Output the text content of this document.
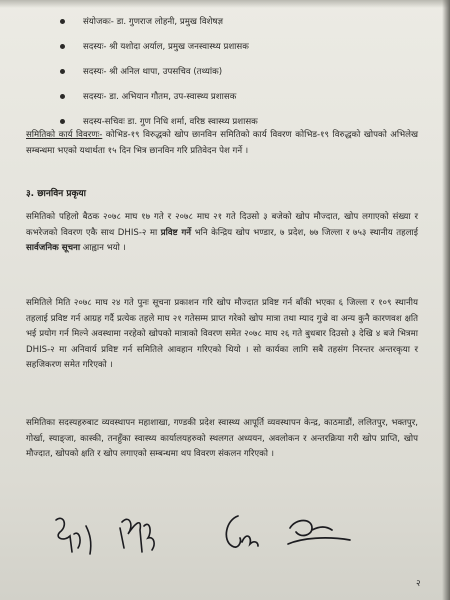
संयोजकः- डा. गुणराज लोहनी, प्रमुख विशेषज्ञ
सदस्यः- श्री यशोदा अर्याल, प्रमुख जनस्वास्थ्य प्रशासक
सदस्यः- श्री अनिल थापा, उपसचिव (तथ्यांक)
सदस्यः- डा. अभियान गौतम, उप-स्वास्थ्य प्रशासक
सदस्य-सचिवः डा. गुण निधि शर्मा, वरिष्ठ स्वास्थ्य प्रशासक

समितिको कार्य विवरणः- कोभिड-१९ विरुद्धको खोप छानविन समितिको कार्य विवरण कोभिड-१९ विरुद्धको खोपको अभिलेख सम्बन्धमा भएको यथार्थता १५ दिन भित्र छानविन गरि प्रतिवेदन पेश गर्ने ।

३. छानविन प्रकृया

समितिको पहिलो बैठक २०७८ माघ १७ गते र २०७८ माघ २१ गते दिउसो ३ बजेको खोप मौज्दात, खोप लगाएको संख्या र कभरेजको विवरण एकै साथ DHIS-२ मा प्रविष्ट गर्ने भनि केन्द्रिय खोप भण्डार, ७ प्रदेश, ७७ जिल्ला र ७५३ स्थानीय तहलाई सार्वजनिक सूचना आह्वान भयो ।

समितिले मिति २०७८ माघ २४ गते पुनः सूचना प्रकाशन गरि खोप मौज्दात प्रविष्ट गर्न बाँकी भएका ६ जिल्ला र १०९ स्थानीय तहलाई प्रविष्ट गर्न आग्रह गर्दै प्रत्येक तहले माघ २१ गतेसम्म प्राप्त गरेको खोप मात्रा तथा म्याद गुज्रे वा अन्य कुनै कारणवश क्षति भई प्रयोग गर्न मिल्ने अवस्थामा नरहेको खोपको मात्राको विवरण समेत २०७८ माघ २६ गते बुधबार दिउसो ३ देखि ४ बजे भित्रमा DHIS-२ मा अनिवार्य प्रविष्ट गर्न समितिले आवहान गरिएको थियो । सो कार्यका लागि सबै तहसंग निरन्तर अन्तरकृया र सहजिकरण समेत गरिएको ।

समितिका सदस्यहरुबाट व्यवस्थापन महाशाखा, गण्डकी प्रदेश स्वास्थ्य आपूर्ति व्यवस्थापन केन्द्र, काठमाडौं, ललितपुर, भक्तपुर, गोर्खा, स्याङ्जा, कास्की, तनहुँका स्वास्थ्य कार्यालयहरुको स्थलगत अध्ययन, अवलोकन र अन्तरक्रिया गरी खोप प्राप्ति, खोप मौज्दात, खोपको क्षति र खोप लगाएको सम्बन्धमा थप विवरण संकलन गरिएको ।

२
